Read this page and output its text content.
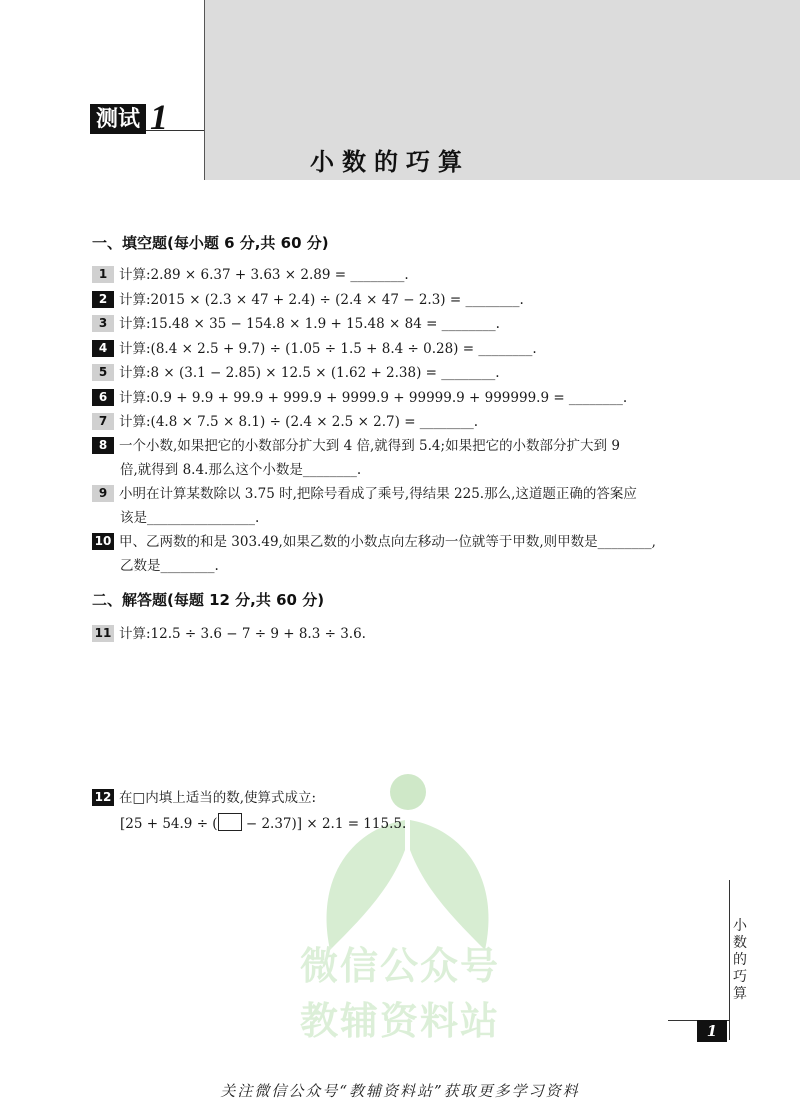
测试 1
小数的巧算
微信公众号
教辅资料站
一、填空题(每小题 6 分,共 60 分)
1 计算:2.89 × 6.37 + 3.63 × 2.89 = ________.
2 计算:2015 × (2.3 × 47 + 2.4) ÷ (2.4 × 47 − 2.3) = ________.
3 计算:15.48 × 35 − 154.8 × 1.9 + 15.48 × 84 = ________.
4 计算:(8.4 × 2.5 + 9.7) ÷ (1.05 ÷ 1.5 + 8.4 ÷ 0.28) = ________.
5 计算:8 × (3.1 − 2.85) × 12.5 × (1.62 + 2.38) = ________.
6 计算:0.9 + 9.9 + 99.9 + 999.9 + 9999.9 + 99999.9 + 999999.9 = ________.
7 计算:(4.8 × 7.5 × 8.1) ÷ (2.4 × 2.5 × 2.7) = ________.
8 一个小数,如果把它的小数部分扩大到 4 倍,就得到 5.4;如果把它的小数部分扩大到 9
倍,就得到 8.4.那么这个小数是________.
9 小明在计算某数除以 3.75 时,把除号看成了乘号,得结果 225.那么,这道题正确的答案应
该是________________.
10 甲、乙两数的和是 303.49,如果乙数的小数点向左移动一位就等于甲数,则甲数是________,
乙数是________.
二、解答题(每题 12 分,共 60 分)
11 计算:12.5 ÷ 3.6 − 7 ÷ 9 + 8.3 ÷ 3.6.
12 在□内填上适当的数,使算式成立:
[25 + 54.9 ÷ ( − 2.37)] × 2.1 = 115.5.
小数的巧算
1
关注微信公众号“教辅资料站”获取更多学习资料
